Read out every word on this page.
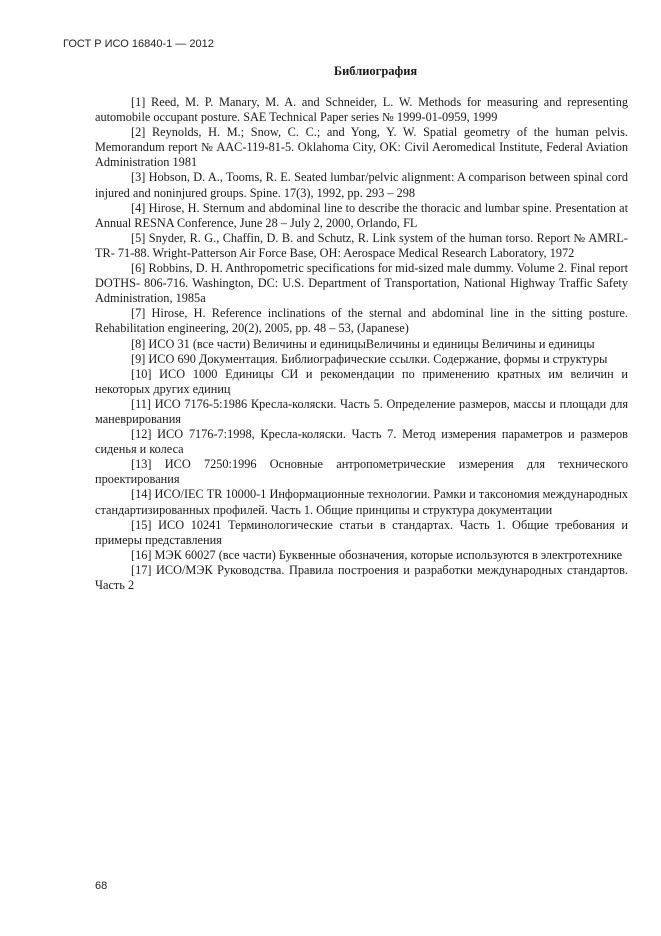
ГОСТ Р ИСО 16840-1 — 2012
Библиография

[1] Reed, M. P. Manary, M. A. and Schneider, L. W. Methods for measuring and representing automobile occupant posture. SAE Technical Paper series № 1999-01-0959, 1999

[2] Reynolds, H. M.; Snow, C. C.; and Yong, Y. W. Spatial geometry of the human pelvis. Memorandum report № AAC-119-81-5. Oklahoma City, OK: Civil Aeromedical Institute, Federal Aviation Administration 1981

[3] Hobson, D. A., Tooms, R. E. Seated lumbar/pelvic alignment: A comparison between spinal cord injured and noninjured groups. Spine. 17(3), 1992, pp. 293 – 298

[4] Hirose, H. Sternum and abdominal line to describe the thoracic and lumbar spine. Presentation at Annual RESNA Conference, June 28 – July 2, 2000, Orlando, FL

[5] Snyder, R. G., Chaffin, D. B. and Schutz, R. Link system of the human torso. Report № AMRL-TR- 71-88. Wright-Patterson Air Force Base, OH: Aerospace Medical Research Laboratory, 1972

[6] Robbins, D. H. Anthropometric specifications for mid-sized male dummy. Volume 2. Final report DOTHS- 806-716. Washington, DC: U.S. Department of Transportation, National Highway Traffic Safety Administration, 1985a

[7] Hirose, H. Reference inclinations of the sternal and abdominal line in the sitting posture. Rehabilitation engineering, 20(2), 2005, pp. 48 – 53, (Japanese)

[8] ИСО 31 (все части) Величины и единицыВеличины и единицы Величины и единицы

[9] ИСО 690 Документация. Библиографические ссылки. Содержание, формы и структуры

[10] ИСО 1000 Единицы СИ и рекомендации по применению кратных им величин и некоторых других единиц

[11] ИСО 7176-5:1986 Кресла-коляски. Часть 5. Определение размеров, массы и площади для маневрирования

[12] ИСО 7176-7:1998, Кресла-коляски. Часть 7. Метод измерения параметров и размеров сиденья и колеса

[13] ИСО 7250:1996 Основные антропометрические измерения для технического проектирования

[14] ИСО/IEC TR 10000-1 Информационные технологии. Рамки и таксономия международных стандартизированных профилей. Часть 1. Общие принципы и структура документации

[15] ИСО 10241 Терминологические статьи в стандартах. Часть 1. Общие требования и примеры представления

[16] МЭК 60027 (все части) Буквенные обозначения, которые используются в электротехнике

[17] ИСО/МЭК Руководства. Правила построения и разработки международных стандартов. Часть 2

68
